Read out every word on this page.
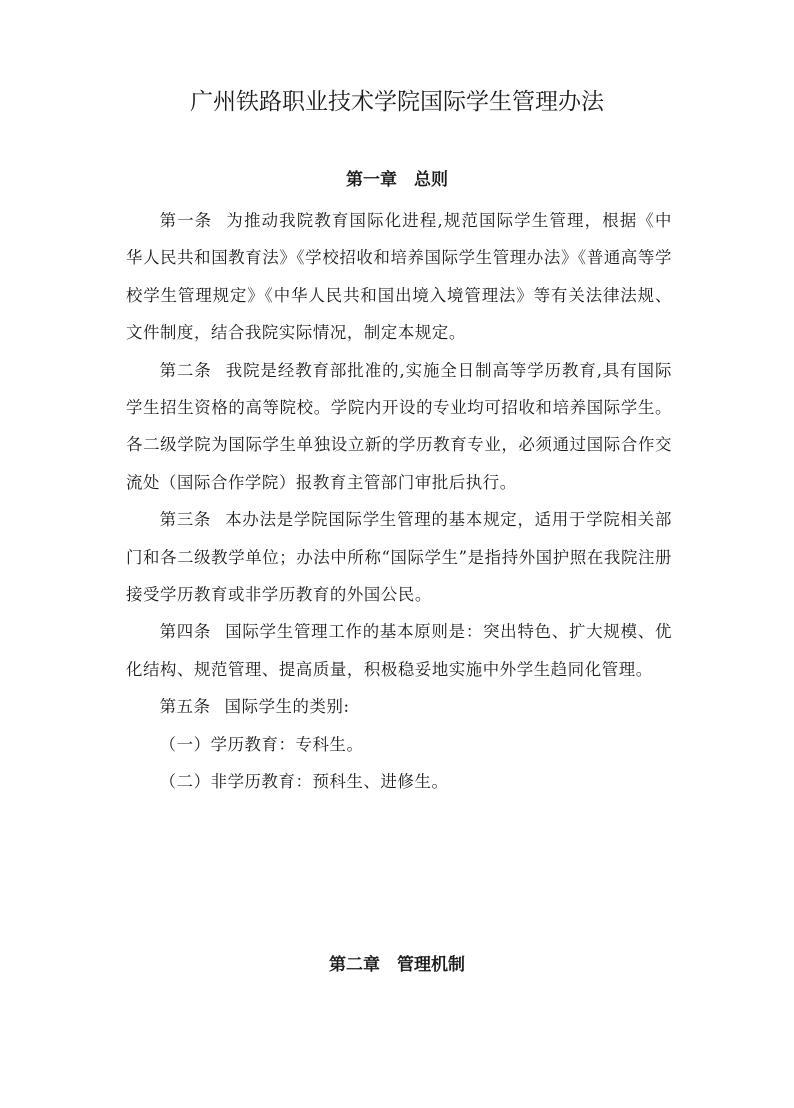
广州铁路职业技术学院国际学生管理办法
第一章　总则

第一条 为推动我院教育国际化进程,规范国际学生管理，根据《中华人民共和国教育法》《学校招收和培养国际学生管理办法》《普通高等学校学生管理规定》《中华人民共和国出境入境管理法》等有关法律法规、文件制度，结合我院实际情况，制定本规定。

第二条 我院是经教育部批准的,实施全日制高等学历教育,具有国际学生招生资格的高等院校。学院内开设的专业均可招收和培养国际学生。各二级学院为国际学生单独设立新的学历教育专业，必须通过国际合作交流处（国际合作学院）报教育主管部门审批后执行。

第三条 本办法是学院国际学生管理的基本规定，适用于学院相关部门和各二级教学单位；办法中所称“国际学生”是指持外国护照在我院注册接受学历教育或非学历教育的外国公民。

第四条 国际学生管理工作的基本原则是：突出特色、扩大规模、优化结构、规范管理、提高质量，积极稳妥地实施中外学生趋同化管理。

第五条 国际学生的类别:

（一）学历教育：专科生。

（二）非学历教育：预科生、进修生。

第二章　管理机制
